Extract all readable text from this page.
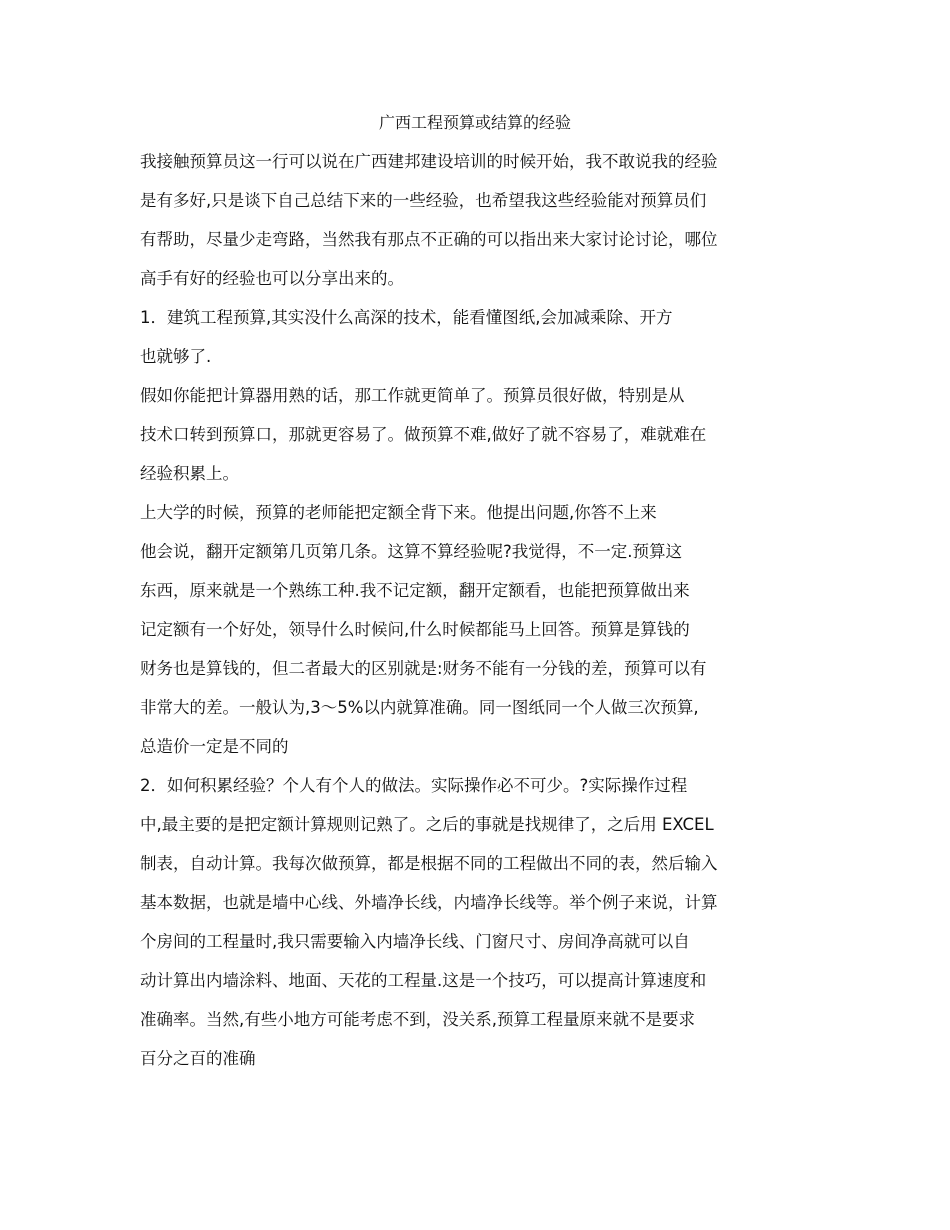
广西工程预算或结算的经验
我接触预算员这一行可以说在广西建邦建设培训的时候开始，我不敢说我的经验
是有多好,只是谈下自己总结下来的一些经验，也希望我这些经验能对预算员们
有帮助，尽量少走弯路，当然我有那点不正确的可以指出来大家讨论讨论，哪位
高手有好的经验也可以分享出来的。
1．建筑工程预算,其实没什么高深的技术，能看懂图纸,会加减乘除、开方
也就够了.
假如你能把计算器用熟的话，那工作就更简单了。预算员很好做，特别是从
技术口转到预算口，那就更容易了。做预算不难,做好了就不容易了，难就难在
经验积累上。
上大学的时候，预算的老师能把定额全背下来。他提出问题,你答不上来
他会说，翻开定额第几页第几条。这算不算经验呢?我觉得，不一定.预算这
东西，原来就是一个熟练工种.我不记定额，翻开定额看，也能把预算做出来
记定额有一个好处，领导什么时候问,什么时候都能马上回答。预算是算钱的
财务也是算钱的，但二者最大的区别就是:财务不能有一分钱的差，预算可以有
非常大的差。一般认为,3～5%以内就算准确。同一图纸同一个人做三次预算,
总造价一定是不同的
2．如何积累经验？个人有个人的做法。实际操作必不可少。?实际操作过程
中,最主要的是把定额计算规则记熟了。之后的事就是找规律了，之后用 EXCEL
制表，自动计算。我每次做预算，都是根据不同的工程做出不同的表，然后输入
基本数据，也就是墙中心线、外墙净长线，内墙净长线等。举个例子来说，计算
个房间的工程量时,我只需要输入内墙净长线、门窗尺寸、房间净高就可以自
动计算出内墙涂料、地面、天花的工程量.这是一个技巧，可以提高计算速度和
准确率。当然,有些小地方可能考虑不到，没关系,预算工程量原来就不是要求
百分之百的准确
